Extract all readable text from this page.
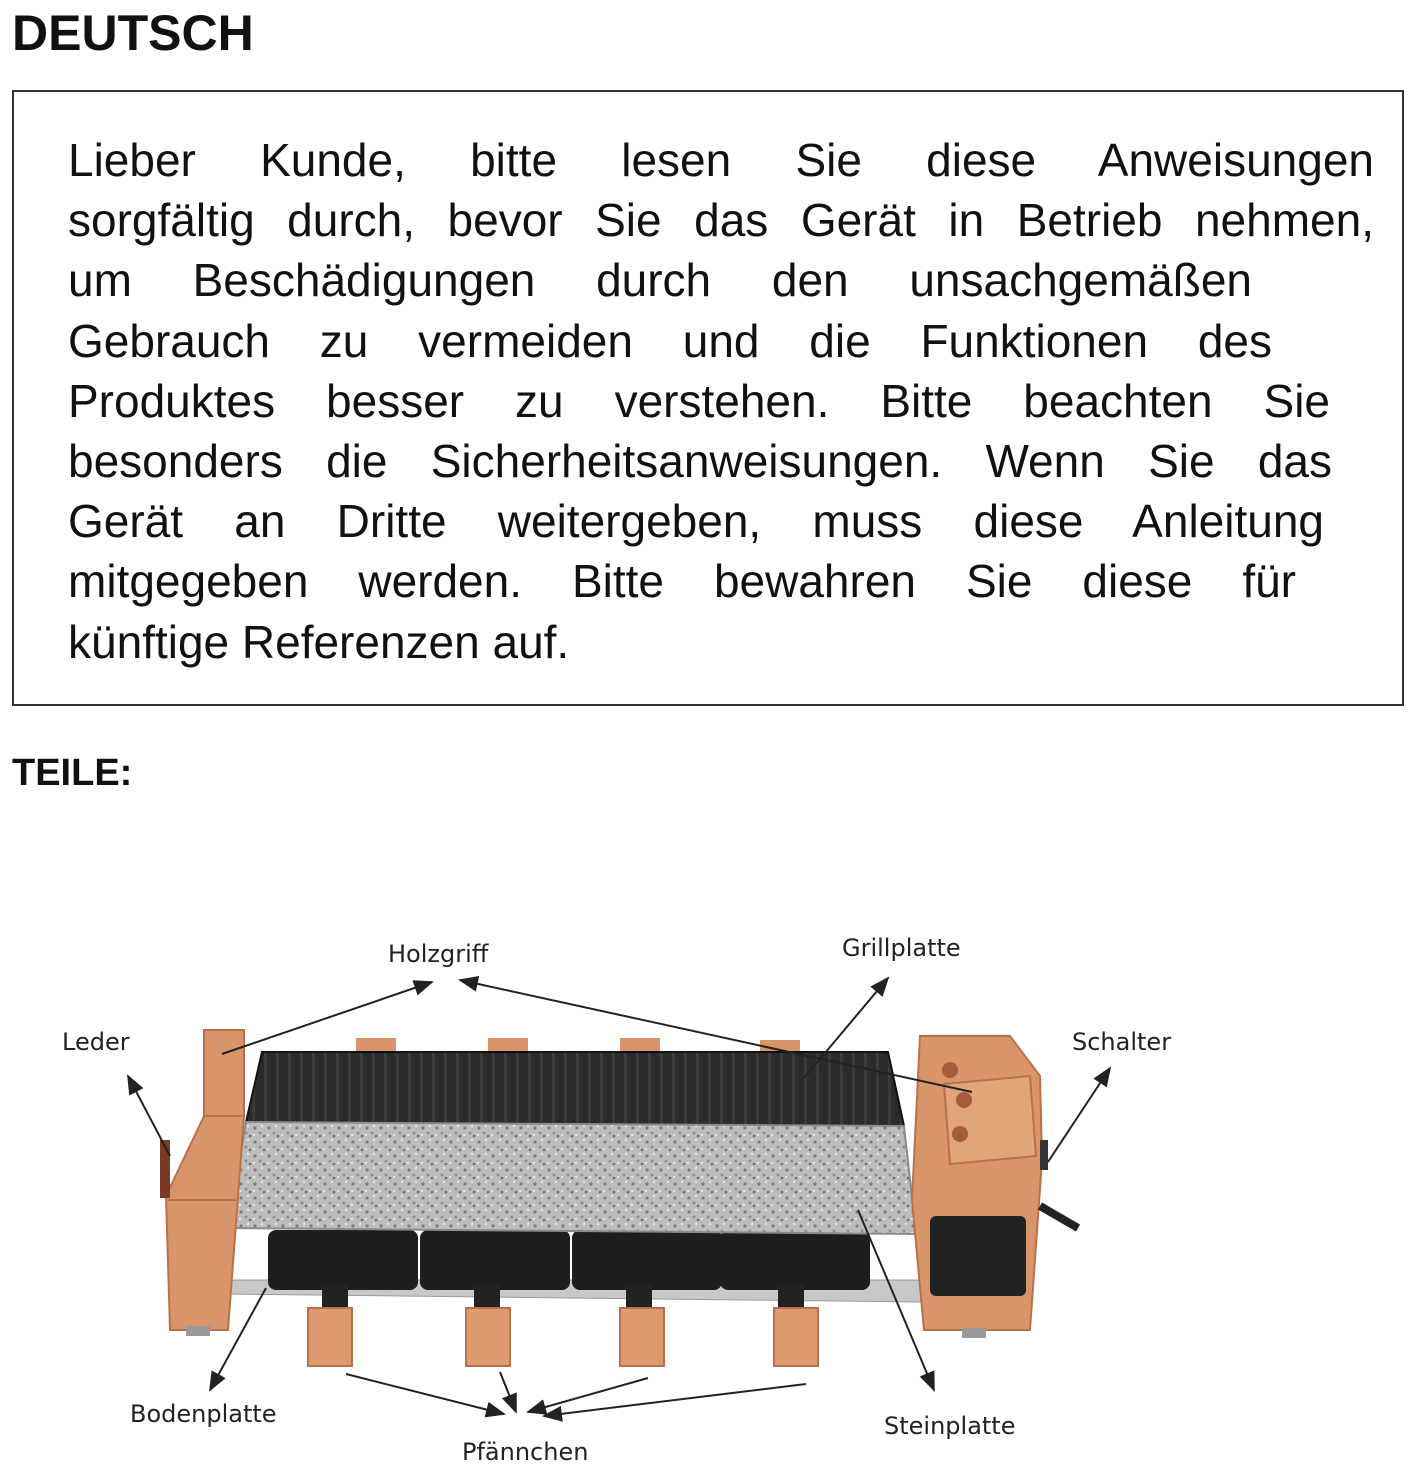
DEUTSCH
Lieber Kunde, bitte lesen Sie diese Anweisungen
sorgfältig durch, bevor Sie das Gerät in Betrieb nehmen,
um Beschädigungen durch den unsachgemäßen
Gebrauch zu vermeiden und die Funktionen des
Produktes besser zu verstehen. Bitte beachten Sie
besonders die Sicherheitsanweisungen. Wenn Sie das
Gerät an Dritte weitergeben, muss diese Anleitung
mitgegeben werden. Bitte bewahren Sie diese für
künftige Referenzen auf.
TEILE:
Holzgriff	Grillplatte
Leder	Schalter
Bodenplatte
Pfännchen
Steinplatte
